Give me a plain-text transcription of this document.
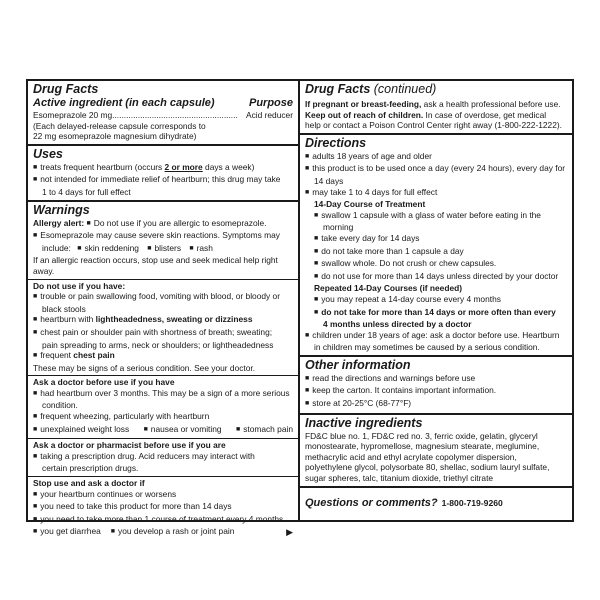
Drug Facts
Active ingredient (in each capsule)	Purpose
Esomeprazole 20 mg...................................................... Acid reducer
(Each delayed-release capsule corresponds to
22 mg esomeprazole magnesium dihydrate)
Uses
■ treats frequent heartburn (occurs 2 or more days a week)
■ not intended for immediate relief of heartburn; this drug may take
1 to 4 days for full effect
Warnings
Allergy alert: ■ Do not use if you are allergic to esomeprazole.
■ Esomeprazole may cause severe skin reactions. Symptoms may
include: ■ skin reddening ■ blisters ■ rash
If an allergic reaction occurs, stop use and seek medical help right away.
Do not use if you have:
■ trouble or pain swallowing food, vomiting with blood, or bloody or
black stools
■ heartburn with lightheadedness, sweating or dizziness
■ chest pain or shoulder pain with shortness of breath; sweating;
pain spreading to arms, neck or shoulders; or lightheadedness
■ frequent chest pain
These may be signs of a serious condition. See your doctor.
Ask a doctor before use if you have
■ had heartburn over 3 months. This may be a sign of a more serious
condition.
■ frequent wheezing, particularly with heartburn
■ unexplained weight loss	■ nausea or vomiting	■ stomach pain
Ask a doctor or pharmacist before use if you are
■ taking a prescription drug. Acid reducers may interact with
certain prescription drugs.
Stop use and ask a doctor if
■ your heartburn continues or worsens
■ you need to take this product for more than 14 days
■ you need to take more than 1 course of treatment every 4 months
■ you get diarrhea	■ you develop a rash or joint pain	▶
Drug Facts (continued)
If pregnant or breast-feeding, ask a health professional before use.
Keep out of reach of children. In case of overdose, get medical
help or contact a Poison Control Center right away (1-800-222-1222).
Directions
■ adults 18 years of age and older
■ this product is to be used once a day (every 24 hours), every day for
14 days
■ may take 1 to 4 days for full effect
14-Day Course of Treatment
■ swallow 1 capsule with a glass of water before eating in the
morning
■ take every day for 14 days
■ do not take more than 1 capsule a day
■ swallow whole. Do not crush or chew capsules.
■ do not use for more than 14 days unless directed by your doctor
Repeated 14-Day Courses (if needed)
■ you may repeat a 14-day course every 4 months
■ do not take for more than 14 days or more often than every
4 months unless directed by a doctor
■ children under 18 years of age: ask a doctor before use. Heartburn
in children may sometimes be caused by a serious condition.
Other information
■ read the directions and warnings before use
■ keep the carton. It contains important information.
■ store at 20-25°C (68-77°F)
Inactive ingredients
FD&C blue no. 1, FD&C red no. 3, ferric oxide, gelatin, glyceryl
monostearate, hypromellose, magnesium stearate, meglumine,
methacrylic acid and ethyl acrylate copolymer dispersion,
polyethylene glycol, polysorbate 80, shellac, sodium lauryl sulfate,
sugar spheres, talc, titanium dioxide, triethyl citrate
Questions or comments? 1-800-719-9260
